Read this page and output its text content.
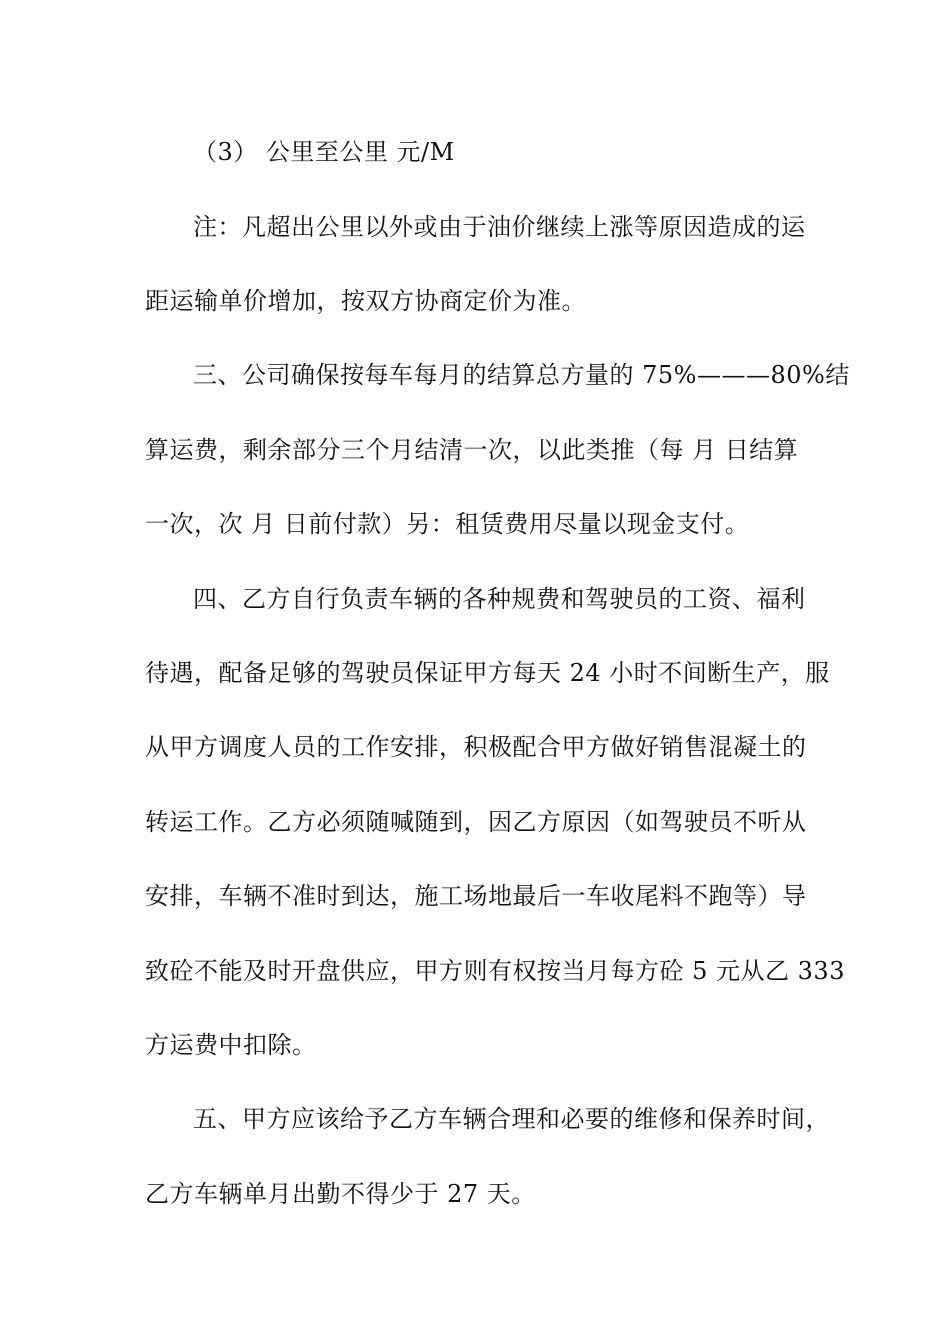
（3） 公里至公里 元/M
注：凡超出公里以外或由于油价继续上涨等原因造成的运
距运输单价增加，按双方协商定价为准。
三、公司确保按每车每月的结算总方量的 75%———80%结
算运费，剩余部分三个月结清一次，以此类推（每 月 日结算
一次，次 月 日前付款）另：租赁费用尽量以现金支付。
四、乙方自行负责车辆的各种规费和驾驶员的工资、福利
待遇，配备足够的驾驶员保证甲方每天 24 小时不间断生产，服
从甲方调度人员的工作安排，积极配合甲方做好销售混凝土的
转运工作。乙方必须随喊随到，因乙方原因（如驾驶员不听从
安排，车辆不准时到达，施工场地最后一车收尾料不跑等）导
致砼不能及时开盘供应，甲方则有权按当月每方砼 5 元从乙 333
方运费中扣除。
五、甲方应该给予乙方车辆合理和必要的维修和保养时间，
乙方车辆单月出勤不得少于 27 天。
